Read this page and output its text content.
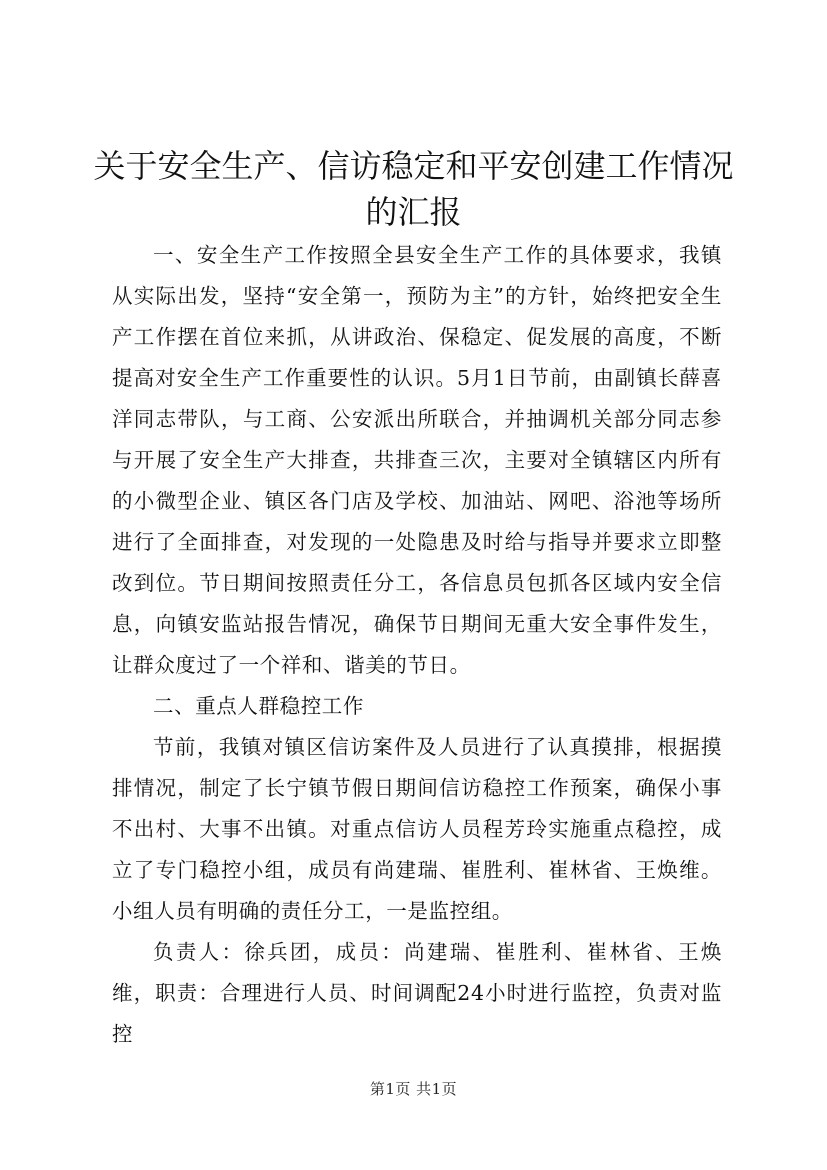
关于安全生产、信访稳定和平安创建工作情况的汇报

一、安全生产工作按照全县安全生产工作的具体要求，我镇从实际出发，坚持“安全第一，预防为主”的方针，始终把安全生产工作摆在首位来抓，从讲政治、保稳定、促发展的高度，不断提高对安全生产工作重要性的认识。5月1日节前，由副镇长薛喜洋同志带队，与工商、公安派出所联合，并抽调机关部分同志参与开展了安全生产大排查，共排查三次，主要对全镇辖区内所有的小微型企业、镇区各门店及学校、加油站、网吧、浴池等场所进行了全面排查，对发现的一处隐患及时给与指导并要求立即整改到位。节日期间按照责任分工，各信息员包抓各区域内安全信息，向镇安监站报告情况，确保节日期间无重大安全事件发生，让群众度过了一个祥和、谐美的节日。

二、重点人群稳控工作

节前，我镇对镇区信访案件及人员进行了认真摸排，根据摸排情况，制定了长宁镇节假日期间信访稳控工作预案，确保小事不出村、大事不出镇。对重点信访人员程芳玲实施重点稳控，成立了专门稳控小组，成员有尚建瑞、崔胜利、崔林省、王焕维。小组人员有明确的责任分工，一是监控组。

负责人：徐兵团，成员：尚建瑞、崔胜利、崔林省、王焕维，职责：合理进行人员、时间调配24小时进行监控，负责对监控

第1页 共1页
